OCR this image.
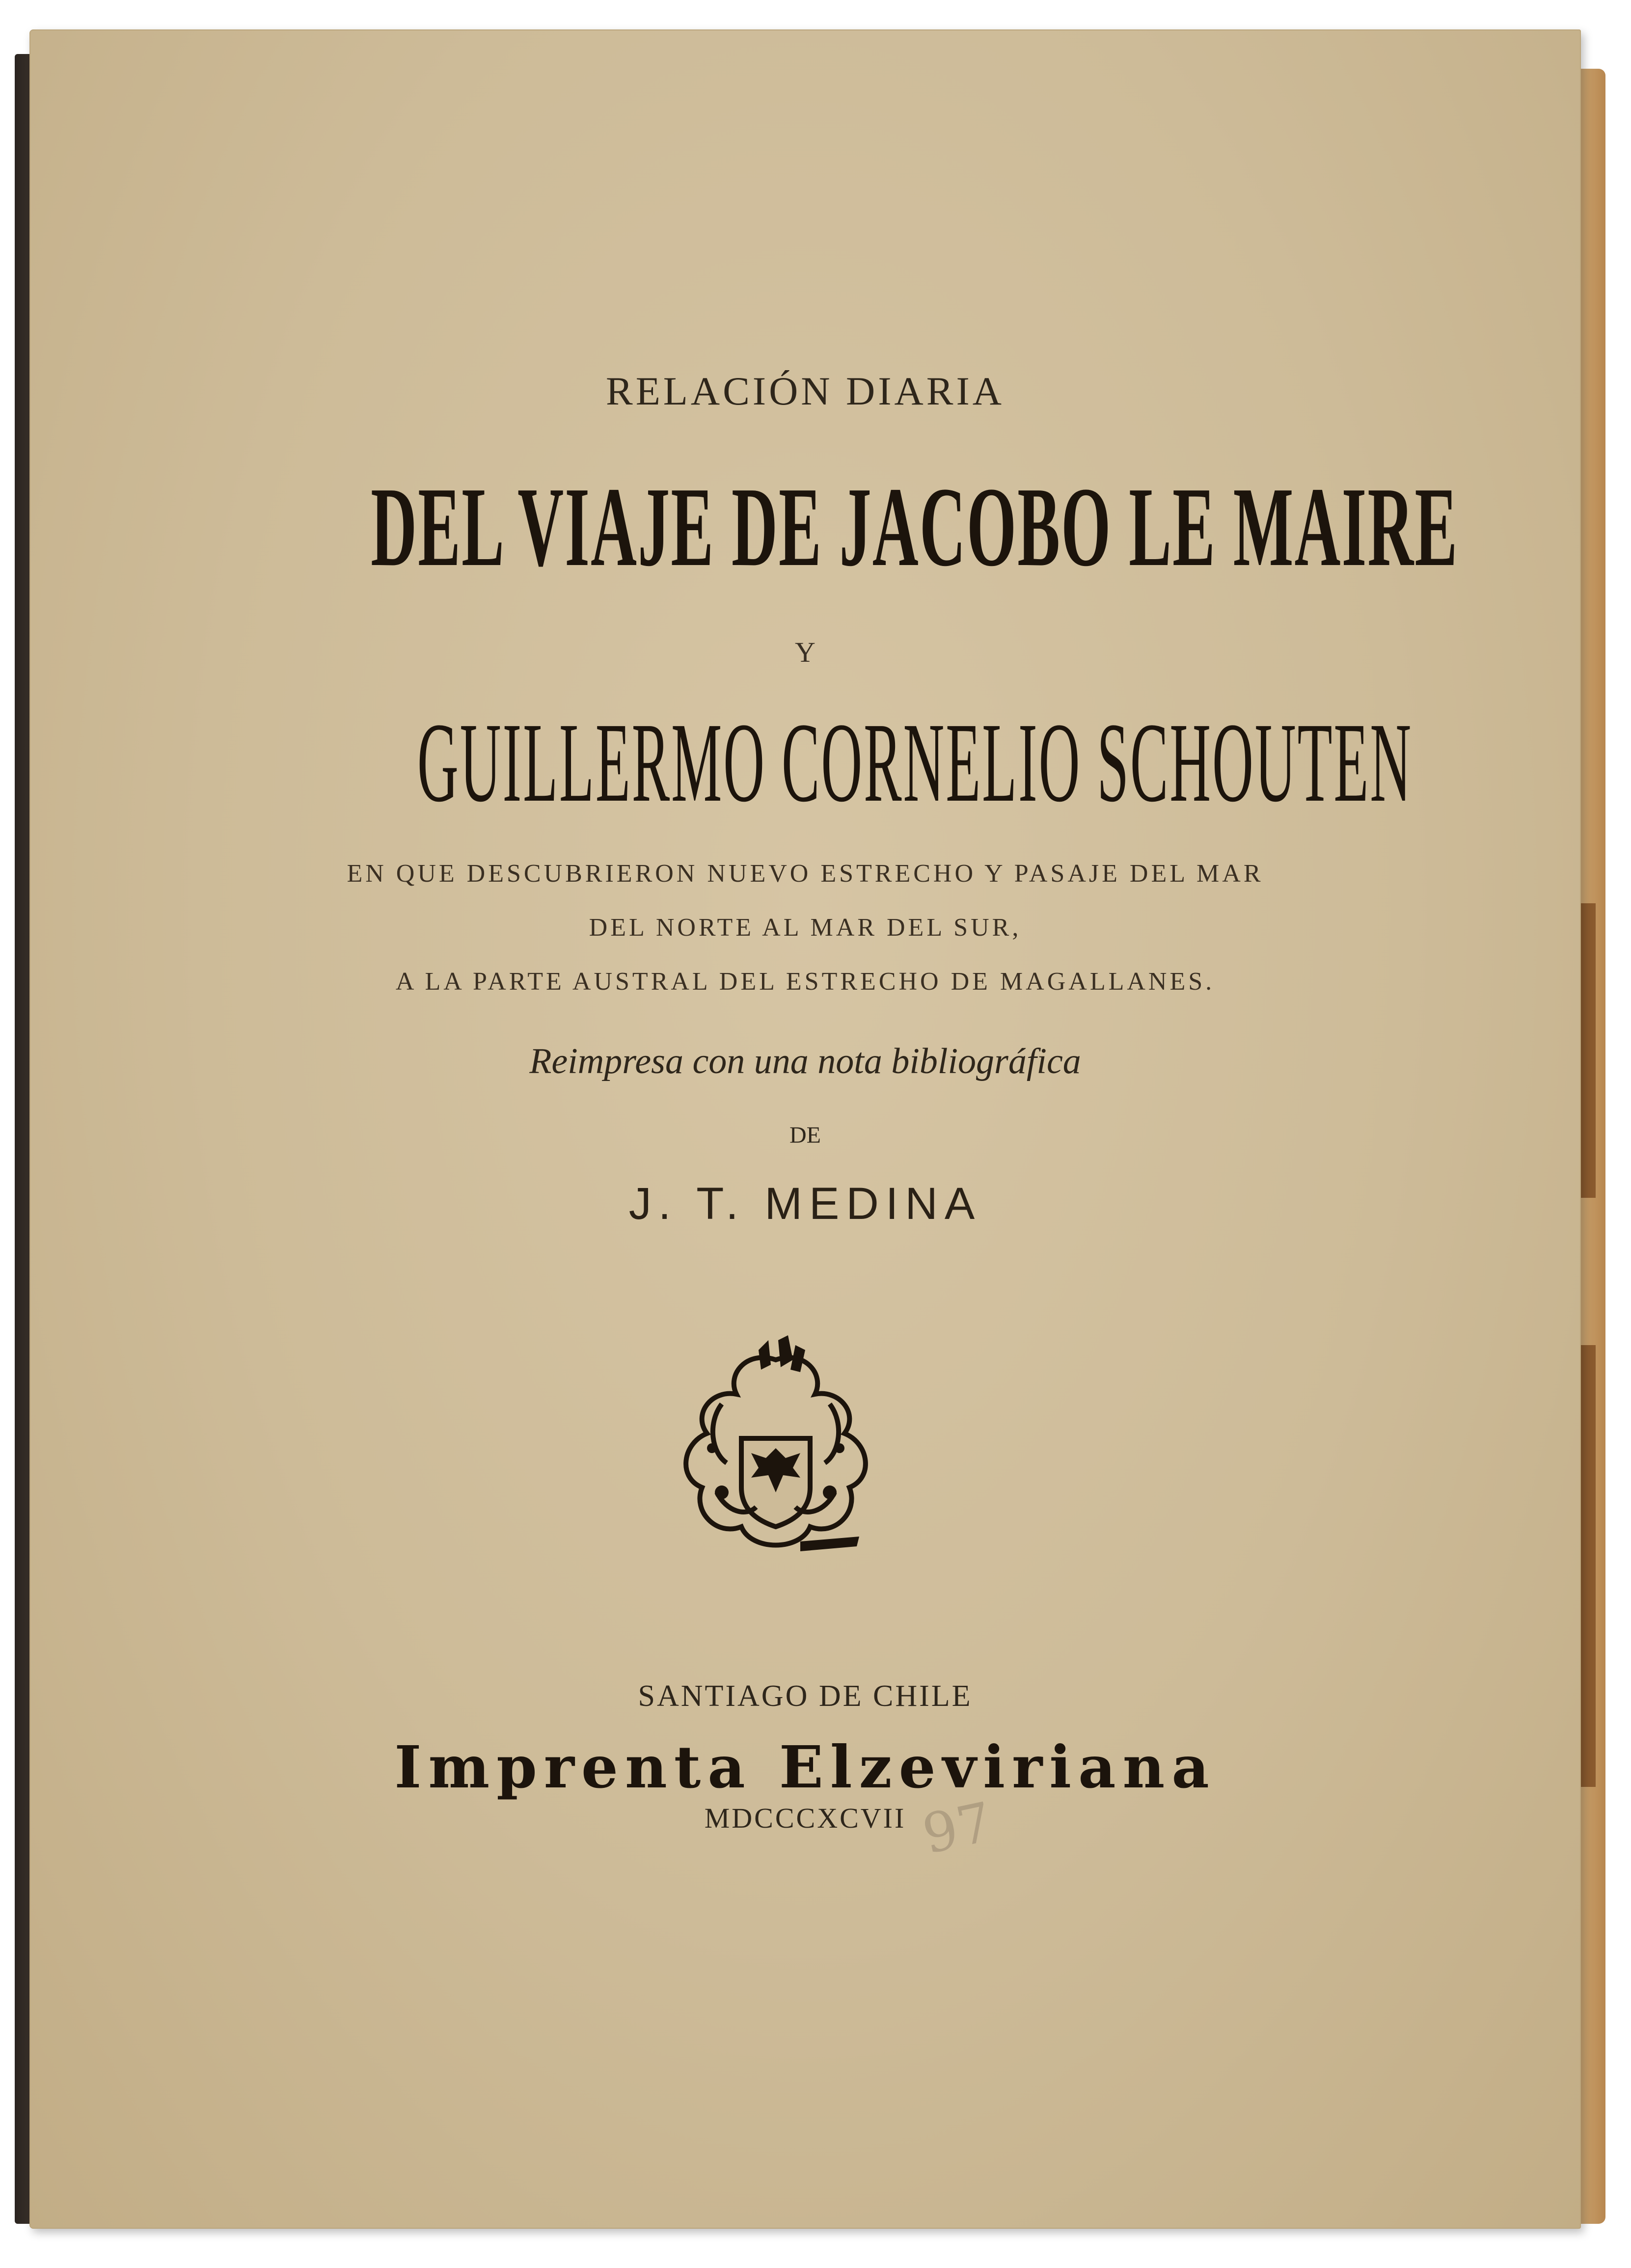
RELACIÓN DIARIA
DEL VIAJE DE JACOBO LE MAIRE
Y
GUILLERMO CORNELIO SCHOUTEN
EN QUE DESCUBRIERON NUEVO ESTRECHO Y PASAJE DEL MAR
DEL NORTE AL MAR DEL SUR,
A LA PARTE AUSTRAL DEL ESTRECHO DE MAGALLANES.
Reimpresa con una nota bibliográfica
DE
J. T. MEDINA
SANTIAGO DE CHILE
Imprenta Elzeviriana
MDCCCXCVII 97
